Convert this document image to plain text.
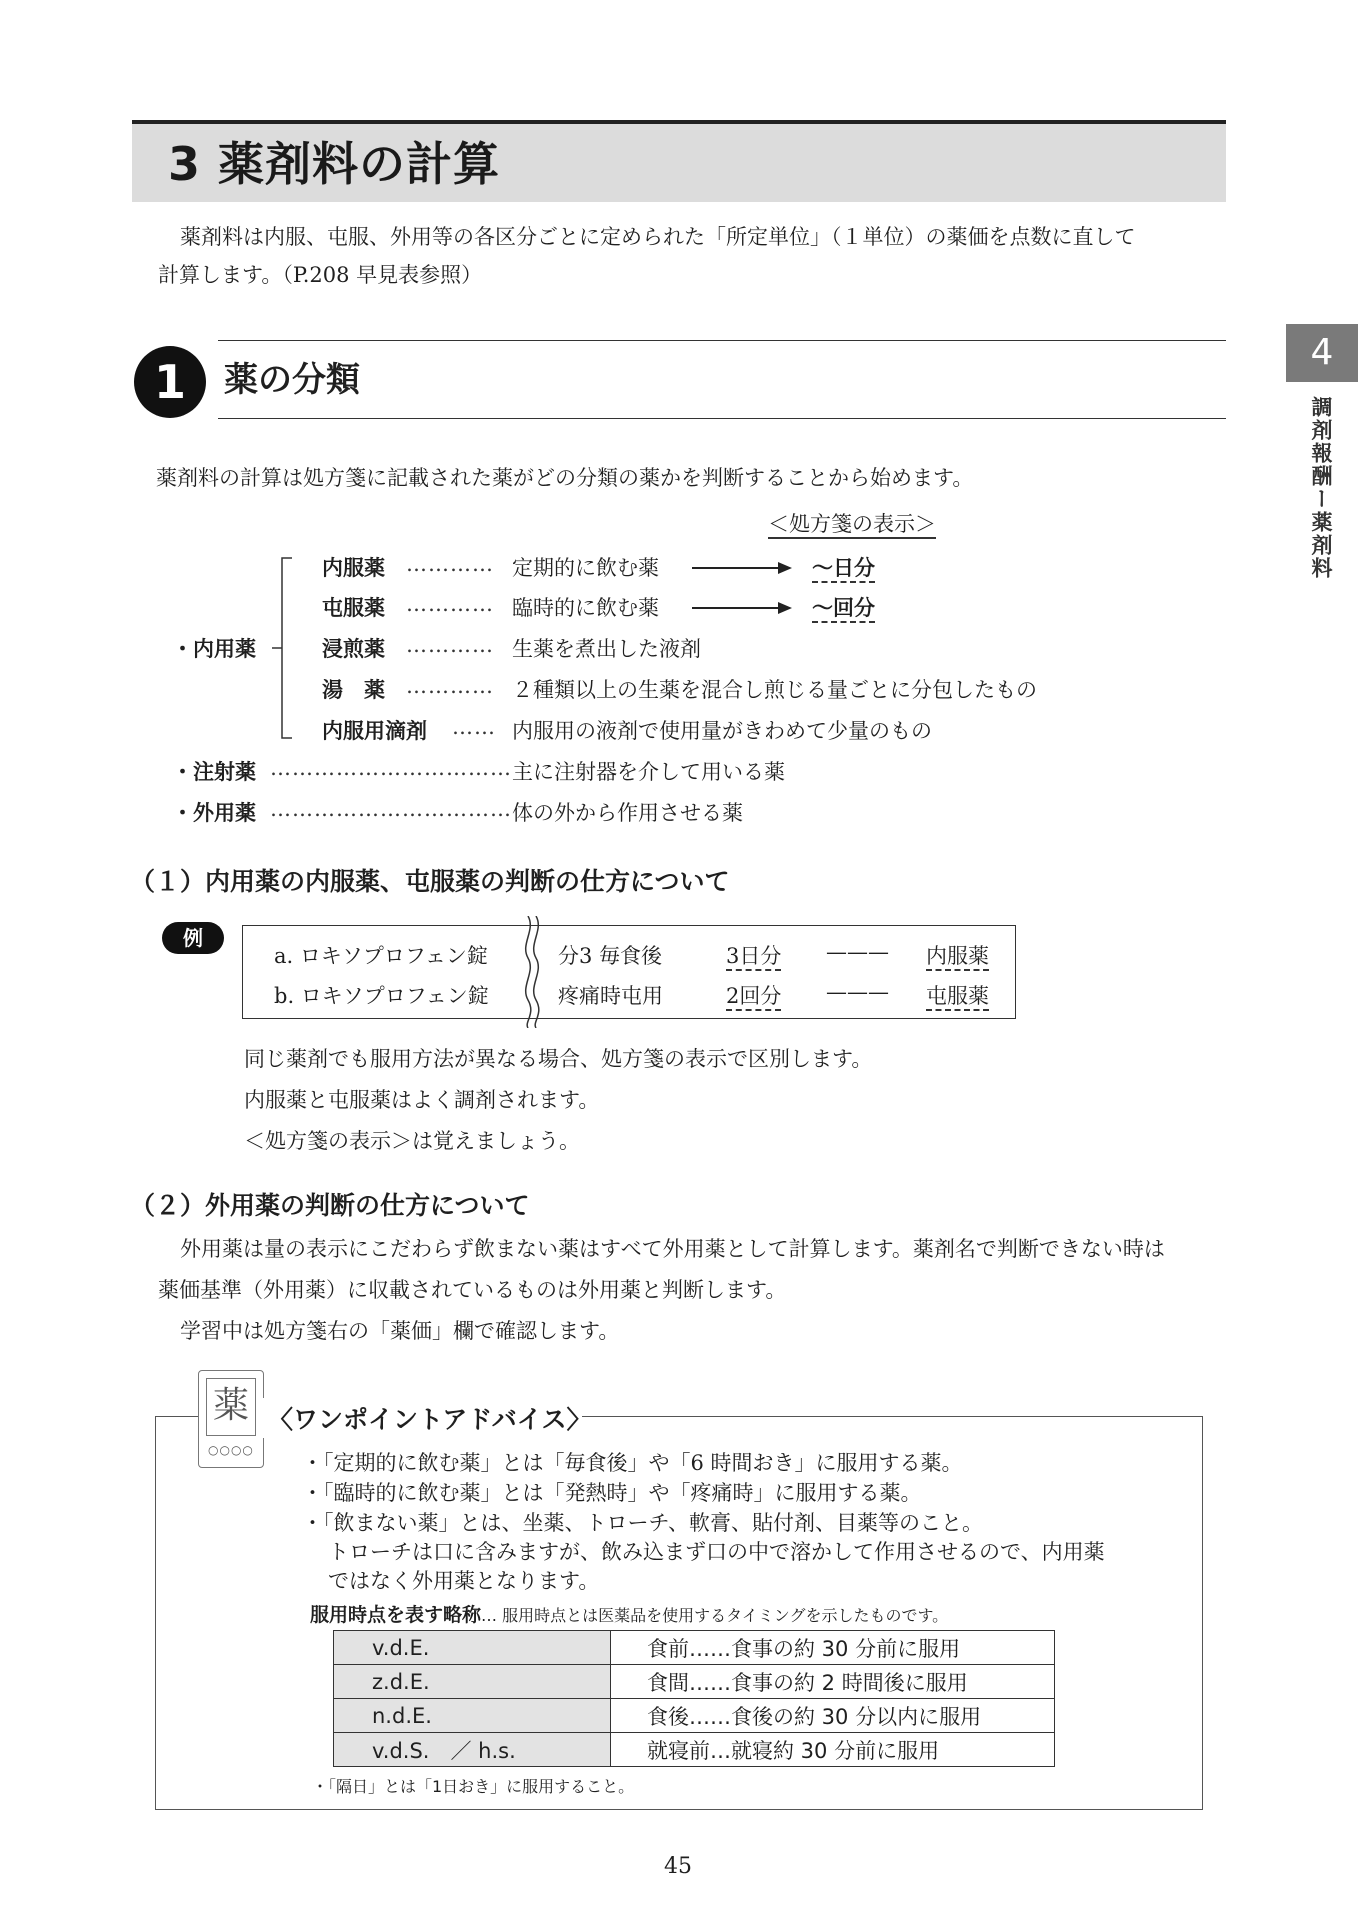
3 薬剤料の計算
薬剤料は内服、屯服、外用等の各区分ごとに定められた「所定単位」（１単位）の薬価を点数に直して
計算します。（P.208 早見表参照）
4
調剤報酬ー薬剤料
1	薬の分類
薬剤料の計算は処方箋に記載された薬がどの分類の薬かを判断することから始めます。
＜処方箋の表示＞
・内用薬
内服薬 ………… 定期的に飲む薬	〜日分
屯服薬 ………… 臨時的に飲む薬	〜回分
浸煎薬 ………… 生薬を煮出した液剤
湯　薬 ………… ２種類以上の生薬を混合し煎じる量ごとに分包したもの
内服用滴剤 …… 内服用の液剤で使用量がきわめて少量のもの
・注射薬 …………………………… 主に注射器を介して用いる薬
・外用薬 …………………………… 体の外から作用させる薬
（１）内用薬の内服薬、屯服薬の判断の仕方について
例
a. ロキソプロフェン錠	分3 毎食後	3日分 ——— 内服薬
b. ロキソプロフェン錠	疼痛時屯用	2回分 ——— 屯服薬
同じ薬剤でも服用方法が異なる場合、処方箋の表示で区別します。
内服薬と屯服薬はよく調剤されます。
＜処方箋の表示＞は覚えましょう。
（２）外用薬の判断の仕方について
外用薬は量の表示にこだわらず飲まない薬はすべて外用薬として計算します。薬剤名で判断できない時は
薬価基準（外用薬）に収載されているものは外用薬と判断します。
学習中は処方箋右の「薬価」欄で確認します。
薬
○○○○
〈ワンポイントアドバイス〉
・「定期的に飲む薬」とは「毎食後」や「6 時間おき」に服用する薬。
・「臨時的に飲む薬」とは「発熱時」や「疼痛時」に服用する薬。
・「飲まない薬」とは、坐薬、トローチ、軟膏、貼付剤、目薬等のこと。
トローチは口に含みますが、飲み込まず口の中で溶かして作用させるので、内用薬
ではなく外用薬となります。
服用時点を表す略称… 服用時点とは医薬品を使用するタイミングを示したものです。
v.d.E.	食前……食事の約 30 分前に服用
z.d.E.	食間……食事の約 2 時間後に服用
n.d.E.	食後……食後の約 30 分以内に服用
v.d.S.　／ h.s.	就寝前…就寝約 30 分前に服用
・「隔日」とは「1日おき」に服用すること。
45
